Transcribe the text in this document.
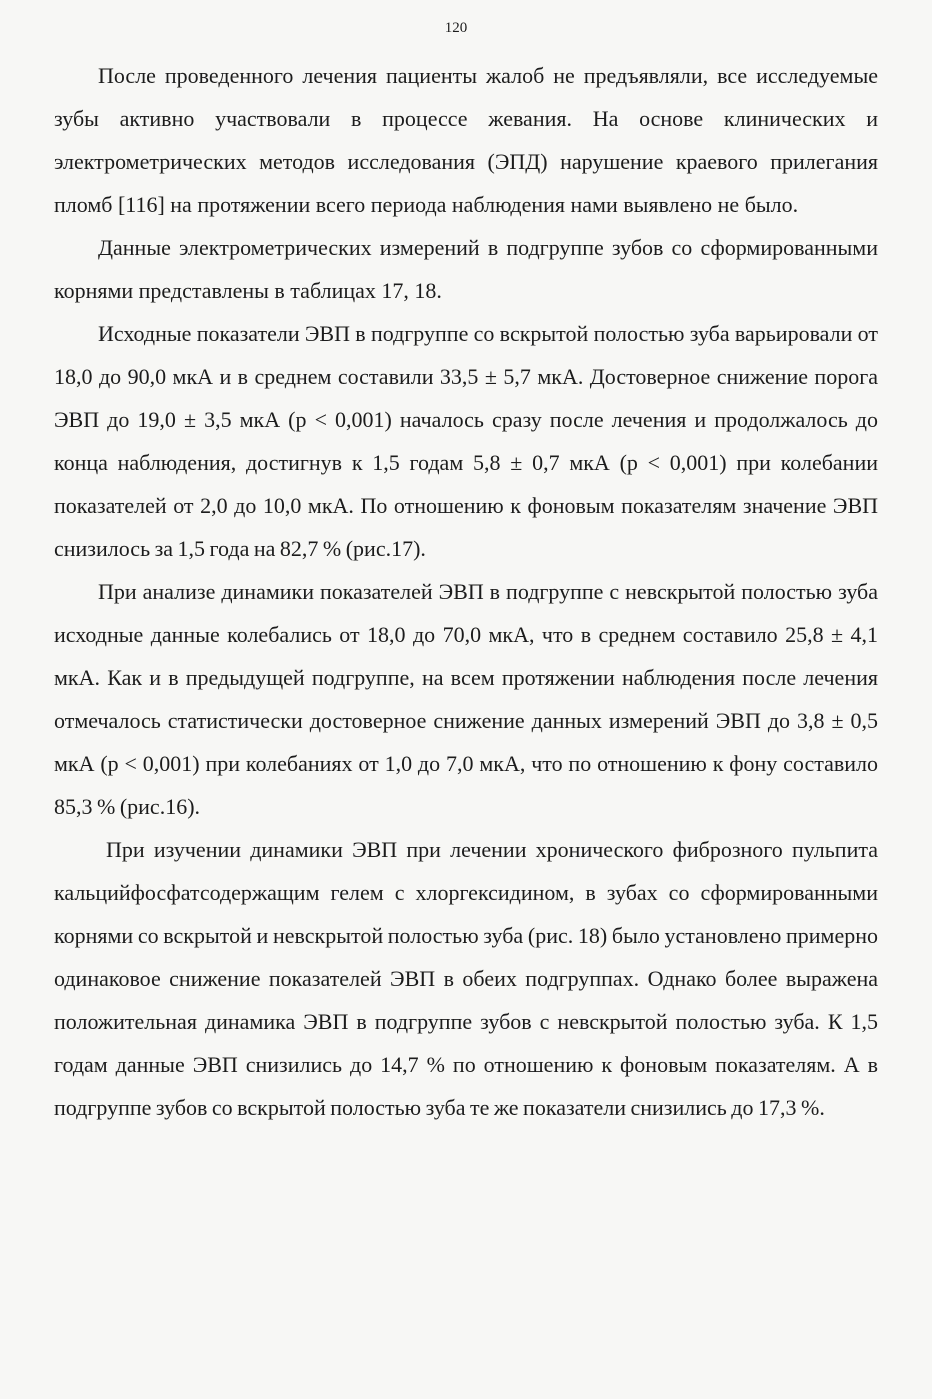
120

После проведенного лечения пациенты жалоб не предъявляли, все исследуемые зубы активно участвовали в процессе жевания. На основе клинических и электрометрических методов исследования (ЭПД) нарушение краевого прилегания пломб [116] на протяжении всего периода наблюдения нами выявлено не было.

Данные электрометрических измерений в подгруппе зубов со сформированными корнями представлены в таблицах 17, 18.

Исходные показатели ЭВП в подгруппе со вскрытой полостью зуба варьировали от 18,0 до 90,0 мкА и в среднем составили 33,5 ± 5,7 мкА. Достоверное снижение порога ЭВП до 19,0 ± 3,5 мкА (р < 0,001) началось сразу после лечения и продолжалось до конца наблюдения, достигнув к 1,5 годам 5,8 ± 0,7 мкА (р < 0,001) при колебании показателей от 2,0 до 10,0 мкА. По отношению к фоновым показателям значение ЭВП снизилось за 1,5 года на 82,7 % (рис.17).

При анализе динамики показателей ЭВП в подгруппе с невскрытой полостью зуба исходные данные колебались от 18,0 до 70,0 мкА, что в среднем составило 25,8 ± 4,1 мкА. Как и в предыдущей подгруппе, на всем протяжении наблюдения после лечения отмечалось статистически достоверное снижение данных измерений ЭВП до 3,8 ± 0,5 мкА (р < 0,001) при колебаниях от 1,0 до 7,0 мкА, что по отношению к фону составило 85,3 % (рис.16).

При изучении динамики ЭВП при лечении хронического фиброзного пульпита кальцийфосфатсодержащим гелем с хлоргексидином, в зубах со сформированными корнями со вскрытой и невскрытой полостью зуба (рис. 18) было установлено примерно одинаковое снижение показателей ЭВП в обеих подгруппах. Однако более выражена положительная динамика ЭВП в подгруппе зубов с невскрытой полостью зуба. К 1,5 годам данные ЭВП снизились до 14,7 % по отношению к фоновым показателям. А в подгруппе зубов со вскрытой полостью зуба те же показатели снизились до 17,3 %.
